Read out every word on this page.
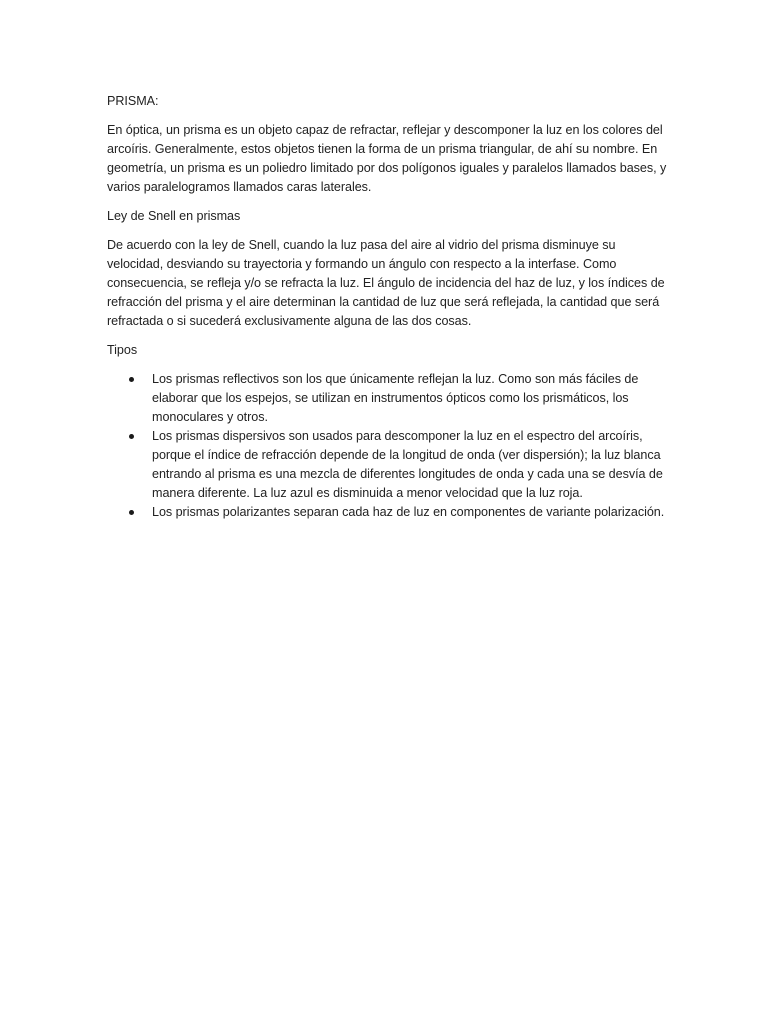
PRISMA:

En óptica, un prisma es un objeto capaz de refractar, reflejar y descomponer la luz en los colores del arcoíris. Generalmente, estos objetos tienen la forma de un prisma triangular, de ahí su nombre. En geometría, un prisma es un poliedro limitado por dos polígonos iguales y paralelos llamados bases, y varios paralelogramos llamados caras laterales.

Ley de Snell en prismas

De acuerdo con la ley de Snell, cuando la luz pasa del aire al vidrio del prisma disminuye su velocidad, desviando su trayectoria y formando un ángulo con respecto a la interfase. Como consecuencia, se refleja y/o se refracta la luz. El ángulo de incidencia del haz de luz, y los índices de refracción del prisma y el aire determinan la cantidad de luz que será reflejada, la cantidad que será refractada o si sucederá exclusivamente alguna de las dos cosas.

Tipos

Los prismas reflectivos son los que únicamente reflejan la luz. Como son más fáciles de elaborar que los espejos, se utilizan en instrumentos ópticos como los prismáticos, los monoculares y otros.
Los prismas dispersivos son usados para descomponer la luz en el espectro del arcoíris, porque el índice de refracción depende de la longitud de onda (ver dispersión); la luz blanca entrando al prisma es una mezcla de diferentes longitudes de onda y cada una se desvía de manera diferente. La luz azul es disminuida a menor velocidad que la luz roja.
Los prismas polarizantes separan cada haz de luz en componentes de variante polarización.
